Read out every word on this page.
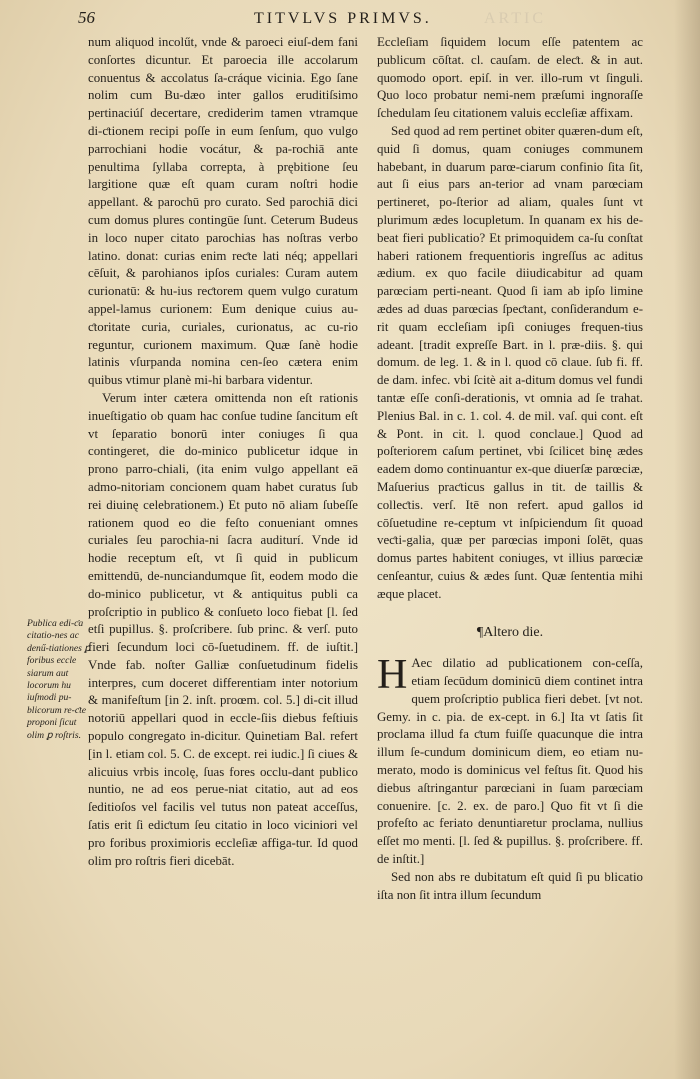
56	TITVLVS PRIMVS.	ARTIC
Publica edi-ƈa citatio-nes ac denű-tiationes ꝑ foribus eccle siarum aut locorum hu iuſmodi pu-blicorum re-ƈte proponi ſicut olim ꝑ roſtris.

num aliquod incolűt, vnde & paroeci eiuſ-dem fani conſortes dicuntur. Et paroecia ille accolarum conuentus & accolatus ſa-cráque vicinia. Ego ſane nolim cum Bu-dæo inter gallos eruditiſsimo pertinaciúſ decertare, crediderim tamen vtramque di-ƈtionem recipi poſſe in eum ſenſum, quo vulgo parrochiani hodie vocátur, & pa-rochiā ante penultima ſyllaba correpta, à prębitione ſeu largitione quæ eſt quam curam noſtri hodie appellant. & parochū pro curato. Sed parochiā dici cum domus plures contingūe ſunt. Ceterum Budeus in loco nuper citato parochias has noſtras verbo latino. donat: curias enim reƈte lati néq; appellari cēſuit, & parohianos ipſos curiales: Curam autem curionatū: & hu-ius reƈtorem quem vulgo curatum appel-lamus curionem: Eum denique cuius au-ƈtoritate curia, curiales, curionatus, ac cu-rio reguntur, curionem maximum. Quæ ſanè hodie latinis vſurpanda nomina cen-ſeo cætera enim quibus vtimur planè mi-hi barbara videntur.

Verum inter cætera omittenda non eſt rationis inueſtigatio ob quam hac conſue tudine ſancitum eſt vt ſeparatio bonorū inter coniuges ſi qua contingeret, die do-minico publicetur idque in prono parro-chiali, (ita enim vulgo appellant eā admo-nitoriam concionem quam habet curatus ſub rei diuinę celebrationem.) Et puto nō aliam ſubeſſe rationem quod eo die feſto conueniant omnes curiales ſeu parochia-ni ſacra auditurí. Vnde id hodie receptum eſt, vt ſi quid in publicum emittendū, de-nunciandumque ſit, eodem modo die do-minico publicetur, vt & antiquitus publi ca proſcriptio in publico & conſueto loco fiebat [l. ſed etſi pupillus. §. proſcribere. ſub princ. & verſ. puto fieri ſecundum loci cō-ſuetudinem. ff. de iuſtit.] Vnde fab. noſter Galliæ conſuetudinum fidelis interpres, cum doceret differentiam inter notorium & manifeſtum [in 2. inſt. proœm. col. 5.] di-cit illud notoriū appellari quod in eccle-ſiis diebus feſtiuis populo congregato in-dicitur. Quinetiam Bal. refert [in l. etiam col. 5. C. de except. rei iudic.] ſi ciues & alicuius vrbis incolę, ſuas fores occlu-dant publico nuntio, ne ad eos perue-niat citatio, aut ad eos ſeditioſos vel facilis vel tutus non pateat acceſſus, ſatis erit ſi ediƈtum ſeu citatio in loco viciniori vel pro foribus proximioris eccleſiæ affiga-tur. Id quod olim pro roſtris fieri dicebāt.

Eccleſiam ſiquidem locum eſſe patentem ac publicum cōſtat. cl. cauſam. de eleƈt. & in aut. quomodo oport. epiſ. in ver. illo-rum vt ſinguli. Quo loco probatur nemi-nem præſumi ingnoraſſe ſchedulam ſeu citationem valuis eccleſiæ affixam.

Sed quod ad rem pertinet obiter quæren-dum eſt, quid ſi domus, quam coniuges communem habebant, in duarum parœ-ciarum confinio ſita ſit, aut ſi eius pars an-terior ad vnam parœciam pertineret, po-ſterior ad aliam, quales ſunt vt plurimum ædes locupletum. In quanam ex his de-beat fieri publicatio? Et primoquidem ca-ſu conſtat haberi rationem frequentioris ingreſſus ac aditus ædium. ex quo facile diiudicabitur ad quam parœciam perti-neant. Quod ſi iam ab ipſo limine ædes ad duas parœcias ſpeƈtant, conſiderandum e-rit quam eccleſiam ipſi coniuges frequen-tius adeant. [tradit expreſſe Bart. in l. præ-diis. §. qui domum. de leg. 1. & in l. quod cō claue. ſub fi. ff. de dam. infec. vbi ſcitè ait a-ditum domus vel fundi tantæ eſſe conſi-derationis, vt omnia ad ſe trahat. Plenius Bal. in c. 1. col. 4. de mil. vaſ. qui cont. eſt & Pont. in cit. l. quod conclaue.] Quod ad poſteriorem caſum pertinet, vbi ſcilicet binę ædes eadem domo continuantur ex-que diuerſæ parœciæ, Maſuerius praƈticus gallus in tit. de taillis & colleƈtis. verſ. Itē non refert. apud gallos id cōſuetudine re-ceptum vt inſpiciendum ſit quoad veƈti-galia, quæ per parœcias imponi ſolēt, quas domus partes habitent coniuges, vt illius parœciæ cenſeantur, cuius & ædes ſunt. Quæ ſententia mihi æque placet.

¶Altero die.

H Aec dilatio ad publicationem con-ceſſa, etiam ſecūdum dominicū diem continet intra quem proſcriptio publica fieri debet. [vt not. Gemy. in c. pia. de ex-cept. in 6.] Ita vt ſatis ſit proclama illud fa ƈtum fuiſſe quacunque die intra illum ſe-cundum dominicum diem, eo etiam nu-merato, modo is dominicus vel feſtus ſit. Quod his diebus aſtringantur parœciani in ſuam parœciam conuenire. [c. 2. ex. de paro.] Quo fit vt ſi die profeſto ac feriato denuntiaretur proclama, nullius eſſet mo menti. [l. ſed & pupillus. §. proſcribere. ff. de inſtit.]

Sed non abs re dubitatum eſt quid ſi pu blicatio iſta non ſit intra illum ſecundum
